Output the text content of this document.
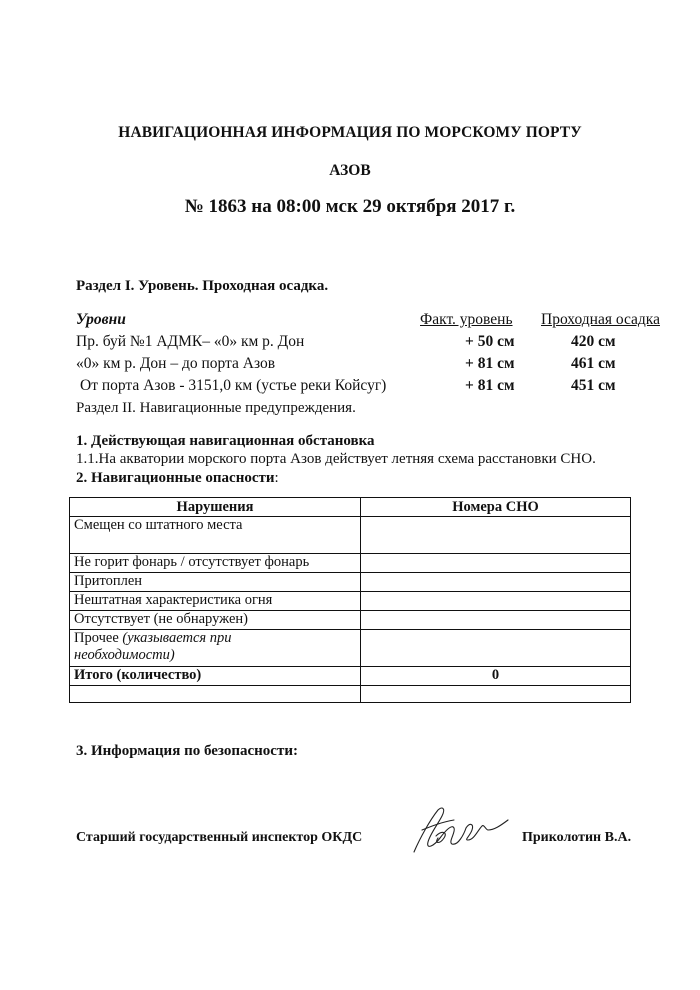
НАВИГАЦИОННАЯ ИНФОРМАЦИЯ ПО МОРСКОМУ ПОРТУ
АЗОВ
№ 1863 на 08:00 мск 29 октября 2017 г.
Раздел I. Уровень. Проходная осадка.
Уровни	Факт. уровень Проходная осадка
Пр. буй №1 АДМК– «0» км р. Дон	+ 50 см	420 см
«0» км р. Дон – до порта Азов	+ 81 см	461 см
От порта Азов - 3151,0 км (устье реки Койсуг)	+ 81 см	451 см
Раздел II. Навигационные предупреждения.
1. Действующая навигационная обстановка
1.1.На акватории морского порта Азов действует летняя схема расстановки СНО.
2. Навигационные опасности:
Нарушения	Номера СНО
Смещен со штатного места	
Не горит фонарь / отсутствует фонарь	
Притоплен	
Нештатная характеристика огня	
Отсутствует (не обнаружен)	
Прочее (указывается при
необходимости)	
Итого (количество)	0

3. Информация по безопасности:
Старший государственный инспектор ОКДС	Приколотин В.А.
